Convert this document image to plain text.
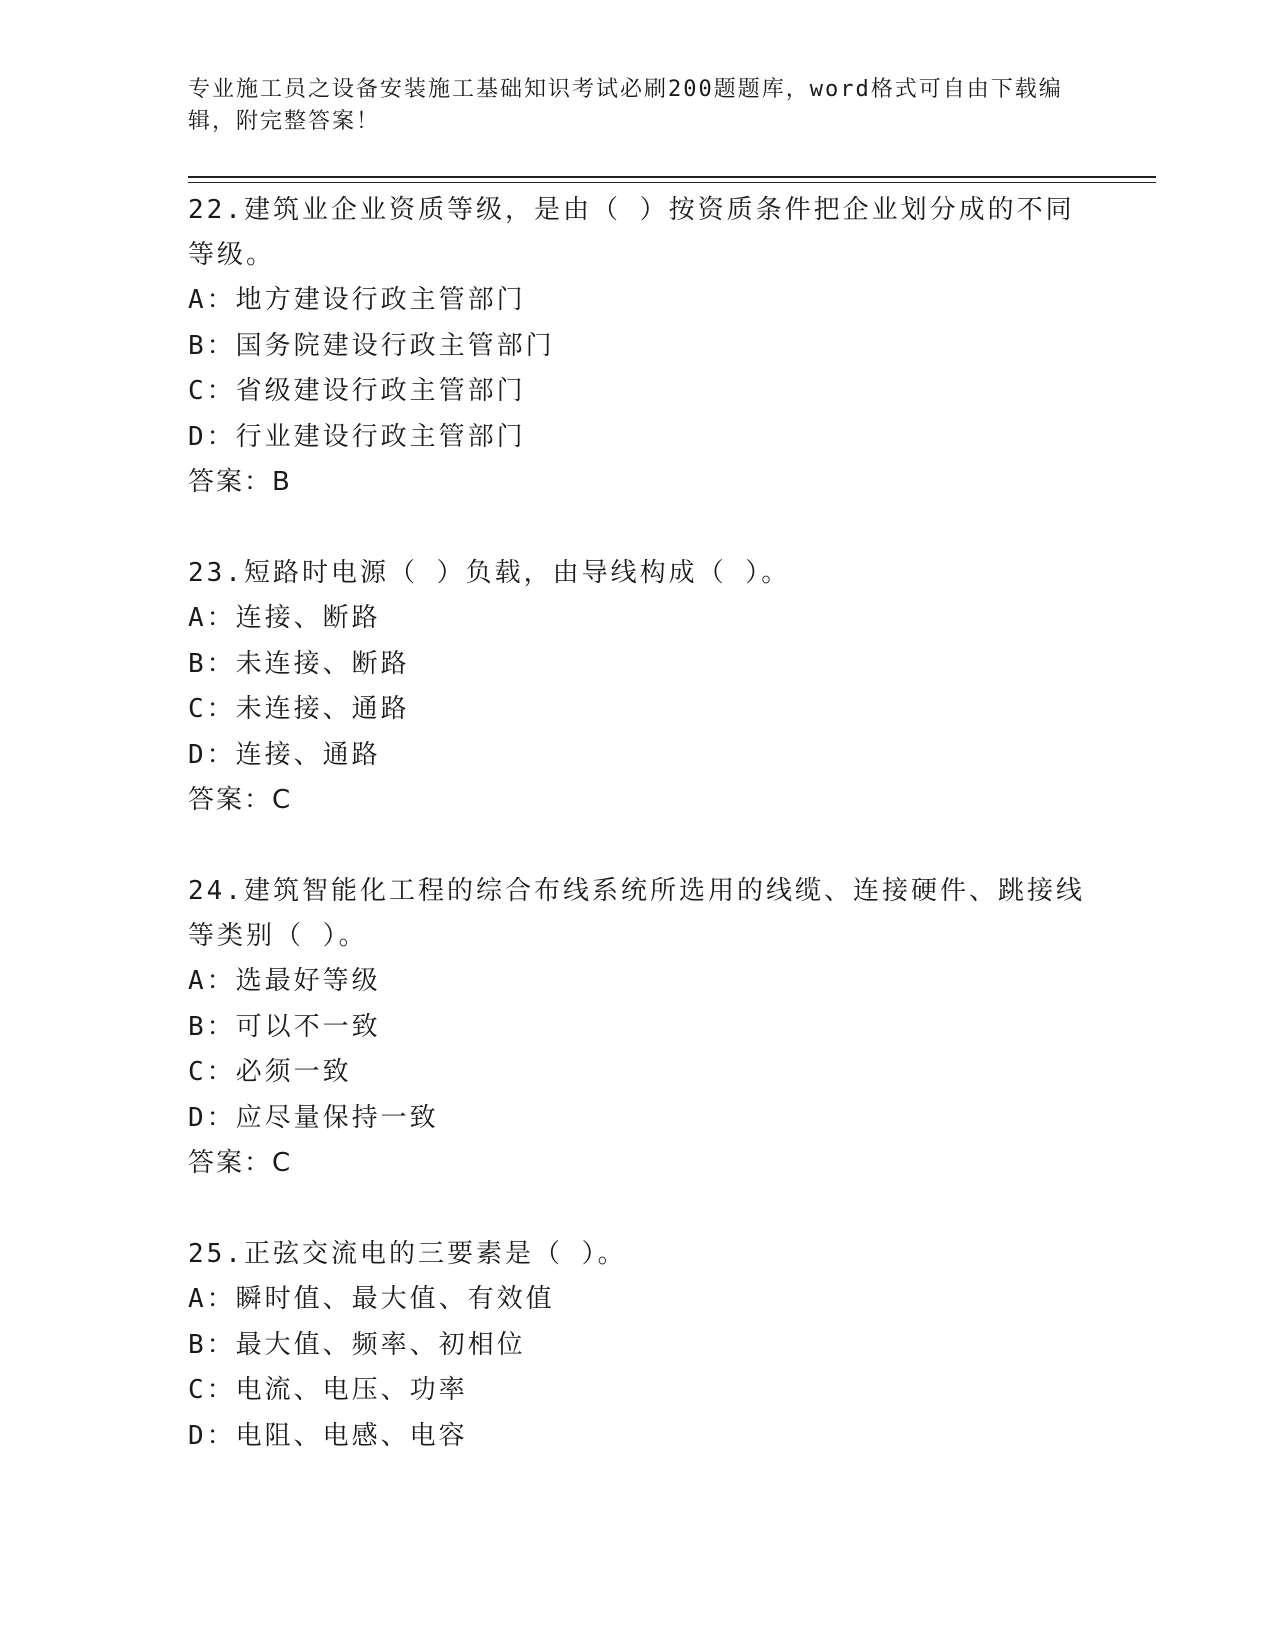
专业施工员之设备安装施工基础知识考试必刷200题题库，word格式可自由下载编辑，附完整答案！
22.建筑业企业资质等级，是由（ ）按资质条件把企业划分成的不同等级。
A：地方建设行政主管部门
B：国务院建设行政主管部门
C：省级建设行政主管部门
D：行业建设行政主管部门
答案：B
23.短路时电源（ ）负载，由导线构成（ ）。
A：连接、断路
B：未连接、断路
C：未连接、通路
D：连接、通路
答案：C
24.建筑智能化工程的综合布线系统所选用的线缆、连接硬件、跳接线等类别（ ）。
A：选最好等级
B：可以不一致
C：必须一致
D：应尽量保持一致
答案：C
25.正弦交流电的三要素是（ ）。
A：瞬时值、最大值、有效值
B：最大值、频率、初相位
C：电流、电压、功率
D：电阻、电感、电容
